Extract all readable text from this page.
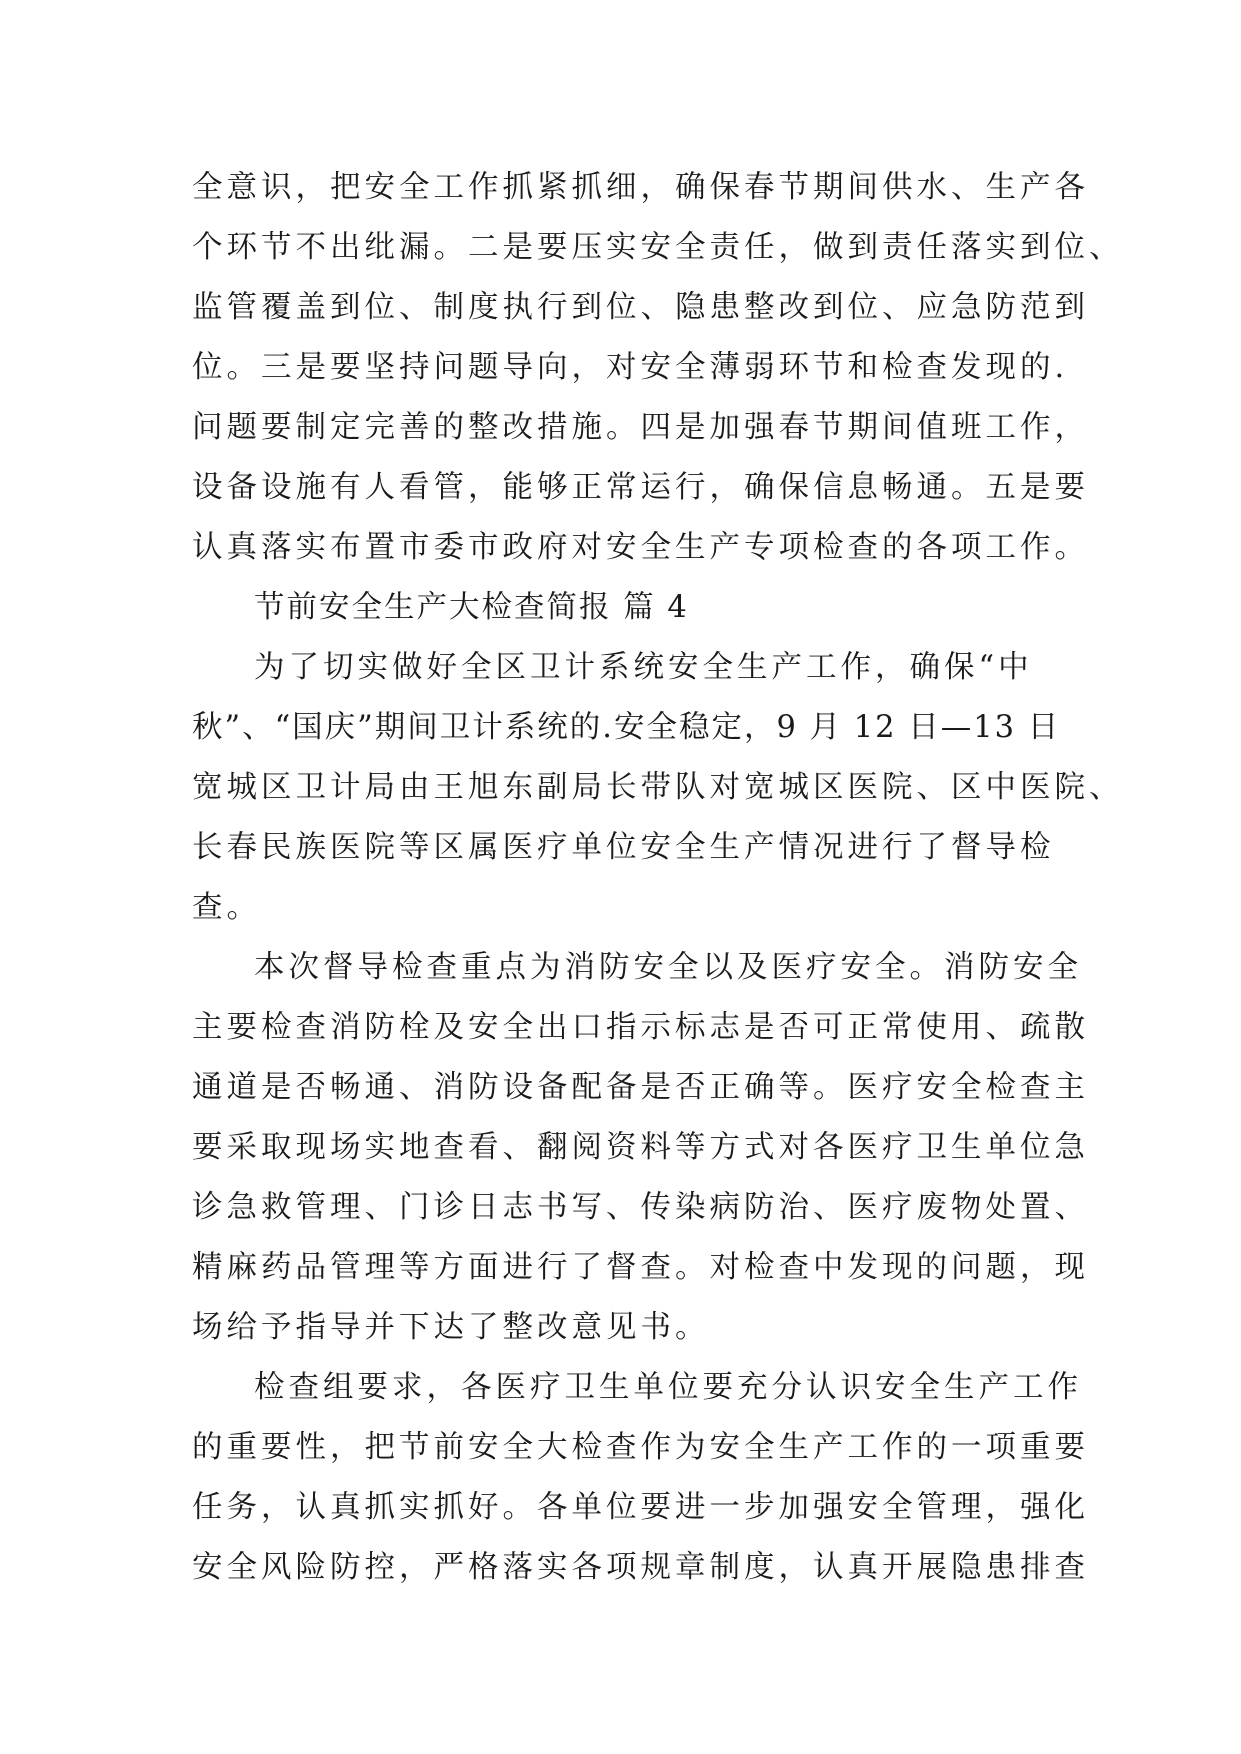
全意识，把安全工作抓紧抓细，确保春节期间供水、生产各
个环节不出纰漏。二是要压实安全责任，做到责任落实到位、
监管覆盖到位、制度执行到位、隐患整改到位、应急防范到
位。三是要坚持问题导向，对安全薄弱环节和检查发现的.
问题要制定完善的整改措施。四是加强春节期间值班工作，
设备设施有人看管，能够正常运行，确保信息畅通。五是要
认真落实布置市委市政府对安全生产专项检查的各项工作。
节前安全生产大检查简报 篇 4
为了切实做好全区卫计系统安全生产工作，确保“中
秋”、“国庆”期间卫计系统的.安全稳定，9 月 12 日—13 日
宽城区卫计局由王旭东副局长带队对宽城区医院、区中医院、
长春民族医院等区属医疗单位安全生产情况进行了督导检
查。
本次督导检查重点为消防安全以及医疗安全。消防安全
主要检查消防栓及安全出口指示标志是否可正常使用、疏散
通道是否畅通、消防设备配备是否正确等。医疗安全检查主
要采取现场实地查看、翻阅资料等方式对各医疗卫生单位急
诊急救管理、门诊日志书写、传染病防治、医疗废物处置、
精麻药品管理等方面进行了督查。对检查中发现的问题，现
场给予指导并下达了整改意见书。
检查组要求，各医疗卫生单位要充分认识安全生产工作
的重要性，把节前安全大检查作为安全生产工作的一项重要
任务，认真抓实抓好。各单位要进一步加强安全管理，强化
安全风险防控，严格落实各项规章制度，认真开展隐患排查
